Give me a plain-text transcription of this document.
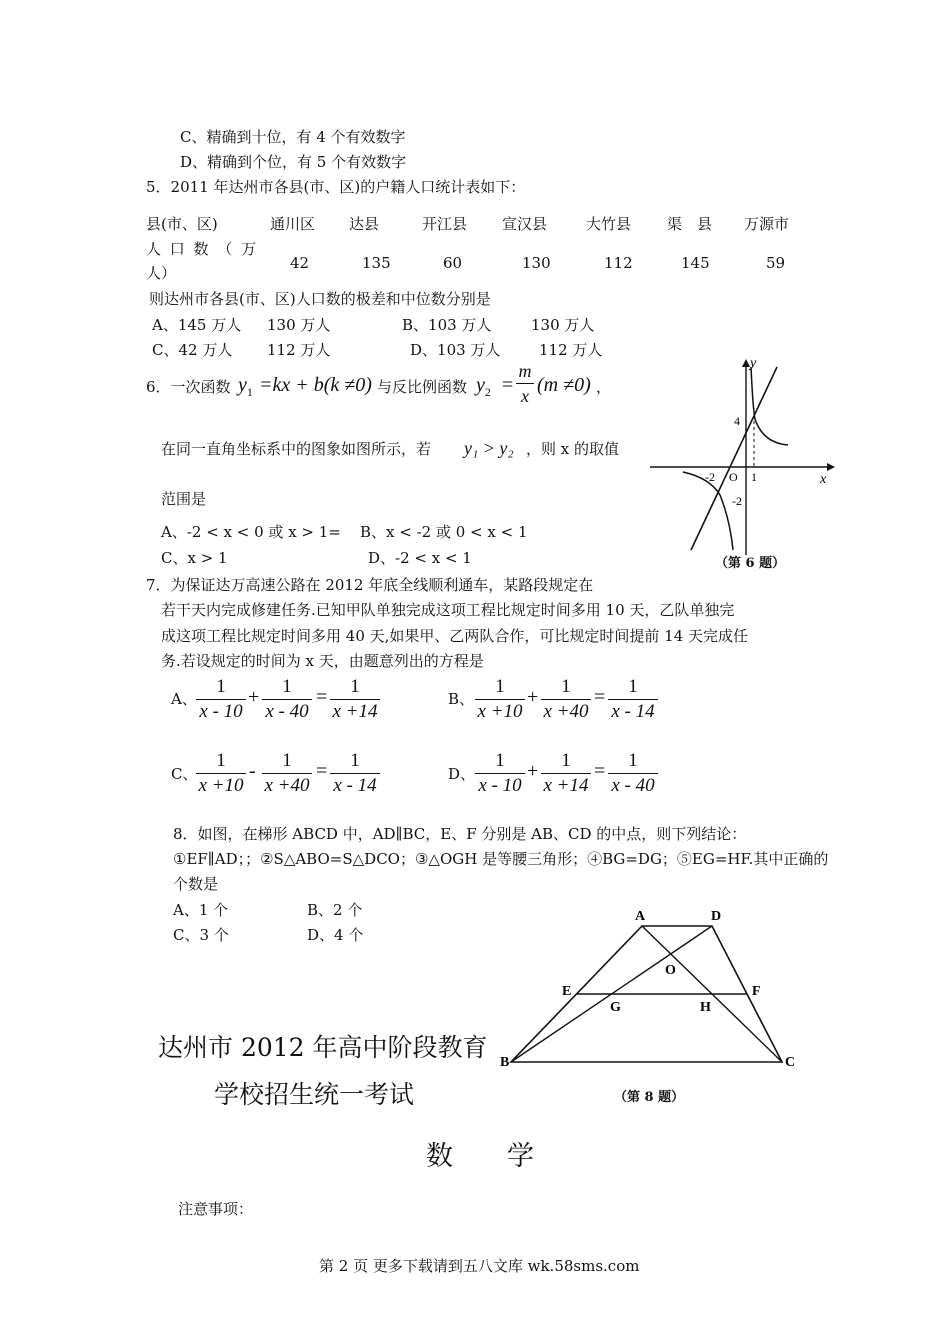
C、精确到十位，有 4 个有效数字
D、精确到个位，有 5 个有效数字
5．2011 年达州市各县(市、区)的户籍人口统计表如下：
县(市、区)	通川区 达县	开江县 宣汉县	大竹县 渠　县 万源市
人 口 数 （ 万
人）
42	135	60	130	112	145	59
则达州市各县(市、区)人口数的极差和中位数分别是
A、145 万人 130 万人	B、103 万人	130 万人
C、42 万人 112 万人	D、103 万人	112 万人
6．一次函数 $y_1 =kx + b(k \ne 0)$ 与反比例函数 $y_2 = \frac{m}{x} (m \ne 0)$ ，
在同一直角坐标系中的图象如图所示，若 y₁ > y₂ ，则 x 的取值
范围是
A、-2 < x < 0 或 x > 1= B、x < -2 或 0 < x < 1
C、x > 1	D、-2 < x < 1
y
x
4
-2 O 1
-2
（第 6 题）
7．为保证达万高速公路在 2012 年底全线顺利通车，某路段规定在
若干天内完成修建任务.已知甲队单独完成这项工程比规定时间多用 10 天，乙队单独完
成这项工程比规定时间多用 40 天,如果甲、乙两队合作，可比规定时间提前 14 天完成任
务.若设规定的时间为 x 天，由题意列出的方程是
A、 $\frac{1}{x - 10} + \frac{1}{x - 40} = \frac{1}{x +14}$	B、 $\frac{1}{x +10} + \frac{1}{x +40} = \frac{1}{x - 14}$
C、
$\frac{1}{x +10} - \frac{1}{x +40} = \frac{1}{x - 14}$	D、 $\frac{1}{x - 10} + \frac{1}{x +14} = \frac{1}{x - 40}$
8．如图，在梯形 ABCD 中，AD∥BC，E、F 分别是 AB、CD 的中点，则下列结论：
①EF∥AD；；②S△ABO=S△DCO；③△OGH 是等腰三角形；④BG=DG；⑤EG=HF.其中正确的
个数是
A、1 个	B、2 个
C、3 个	D、4 个
A	D
O
E	F
G	H
B	C
（第 8 题）
达州市 2012 年高中阶段教育
学校招生统一考试
数　　学
注意事项：
第 2 页 更多下载请到五八文库 wk.58sms.com
